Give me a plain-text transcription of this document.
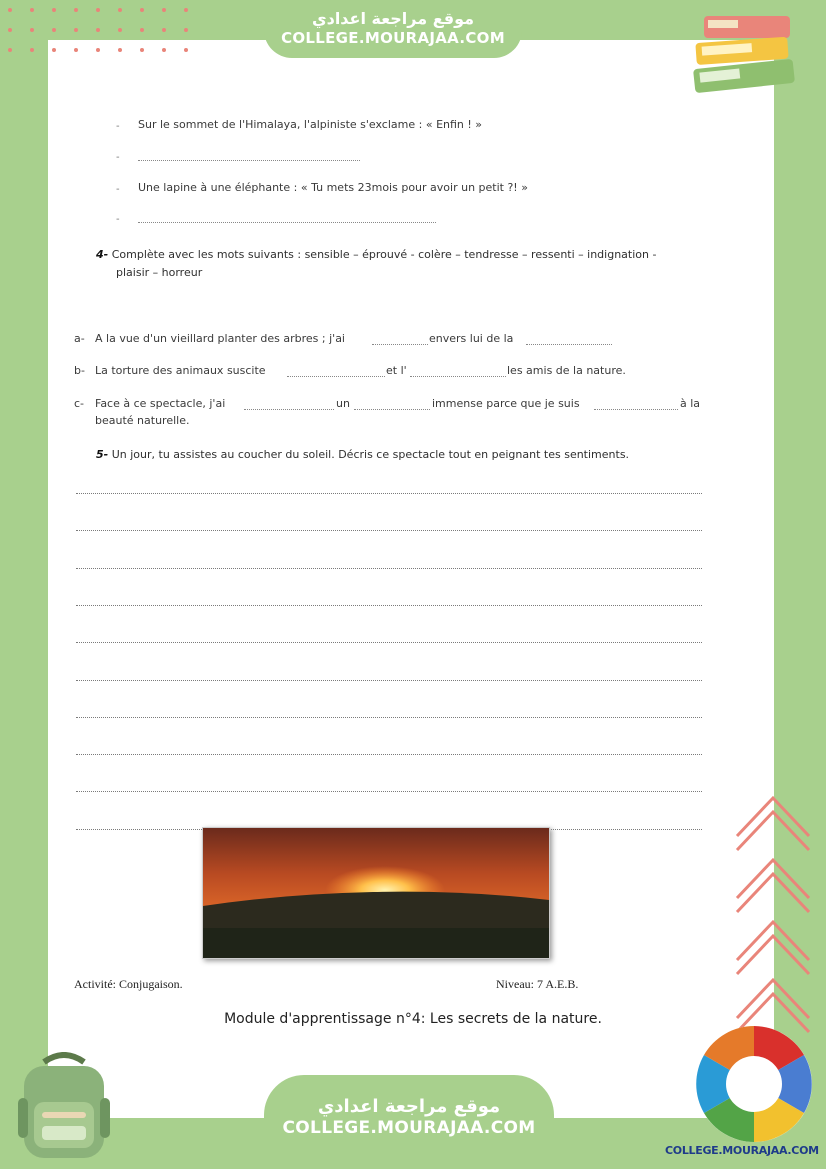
موقع مراجعة اعدادي
COLLEGE.MOURAJAA.COM
- Sur le sommet de l'Himalaya, l'alpiniste s'exclame : « Enfin ! »
-
- Une lapine à une éléphante : « Tu mets 23mois pour avoir un petit ?! »
-
4- Complète avec les mots suivants : sensible – éprouvé - colère – tendresse – ressenti – indignation -
plaisir – horreur
a- A la vue d'un vieillard planter des arbres ; j'ai	envers lui de la
b- La torture des animaux suscite	et l'	les amis de la nature.
c- Face à ce spectacle, j'ai	un	immense parce que je suis	à la
beauté naturelle.
5- Un jour, tu assistes au coucher du soleil. Décris ce spectacle tout en peignant tes sentiments.
Activité: Conjugaison.	Niveau: 7 A.E.B.
Module d'apprentissage n°4: Les secrets de la nature.
موقع مراجعة اعدادي
COLLEGE.MOURAJAA.COM
COLLEGE.MOURAJAA.COM
